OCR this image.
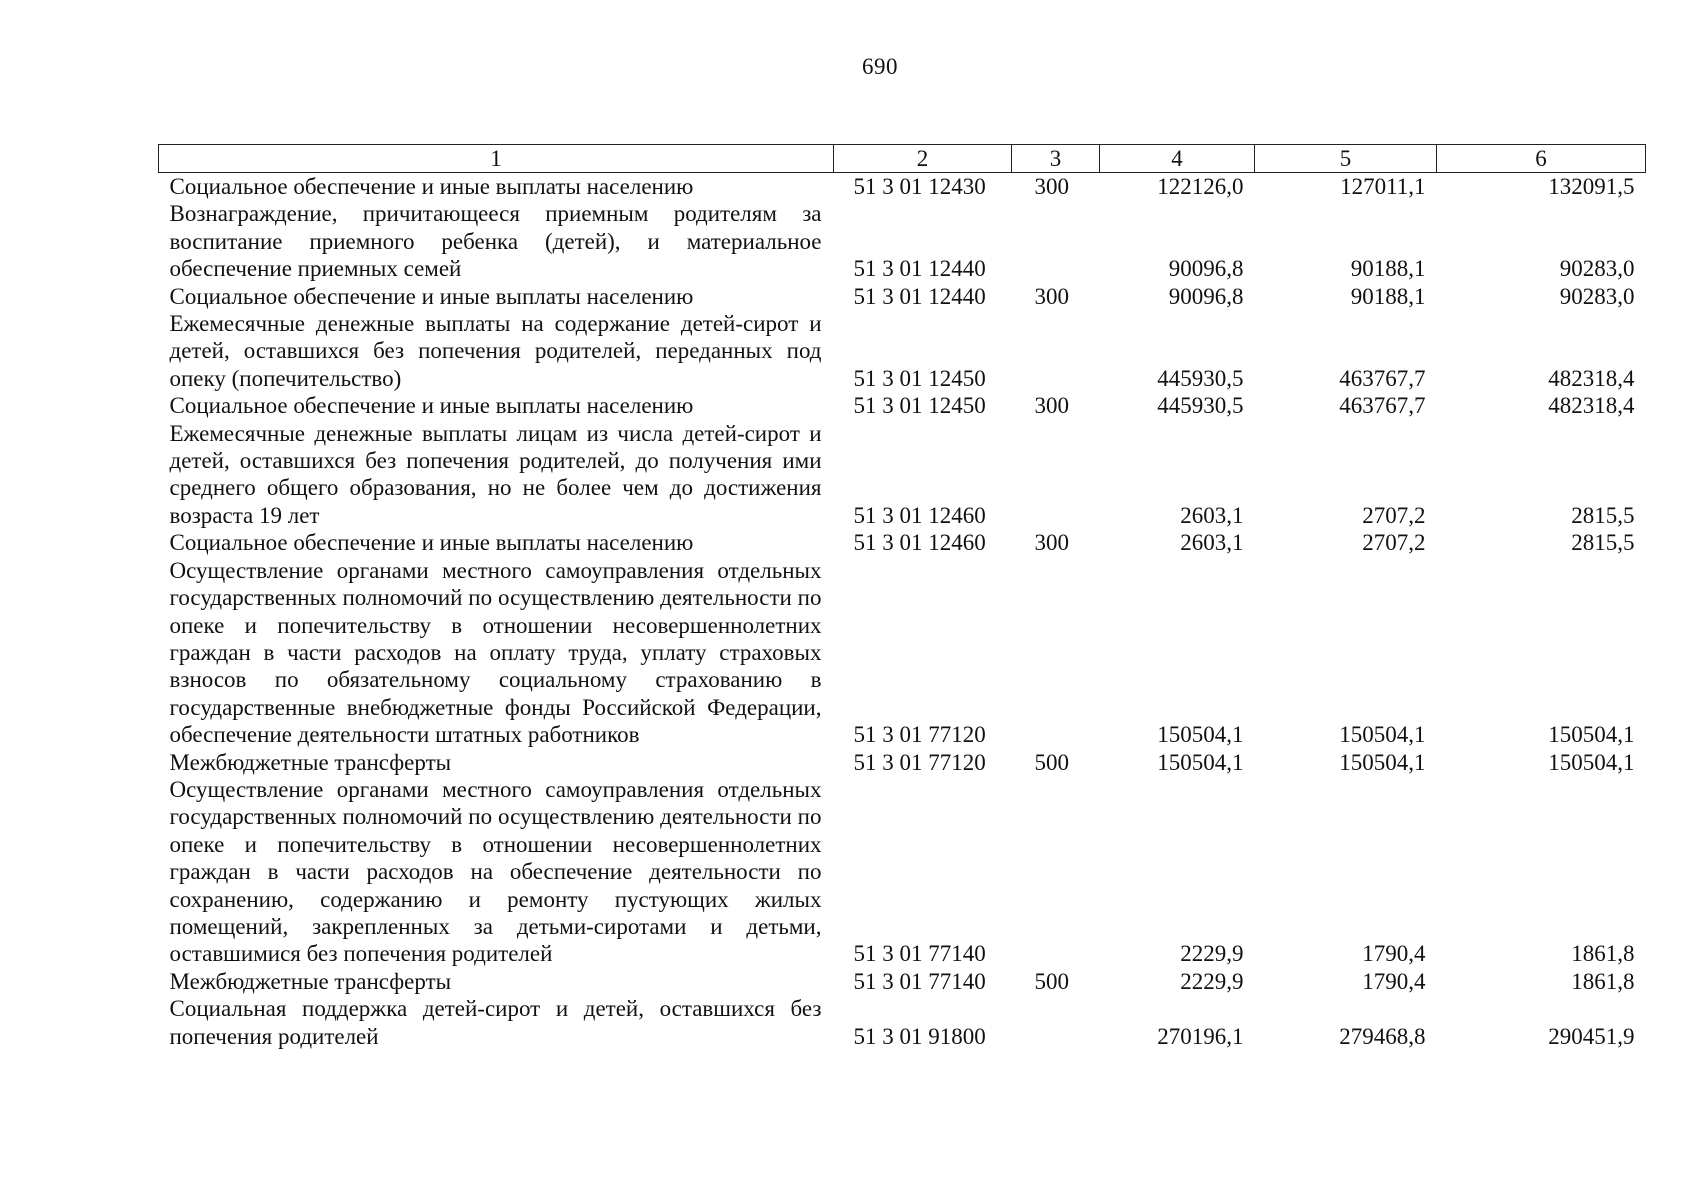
690
1	2	3	4	5	6
Социальное обеспечение и иные выплаты населению	51 3 01 12430	300	122126,0	127011,1	132091,5
Вознаграждение, причитающееся приемным родителям за воспитание приемного ребенка (детей), и материальное обеспечение приемных семей	51 3 01 12440		90096,8	90188,1	90283,0
Социальное обеспечение и иные выплаты населению	51 3 01 12440	300	90096,8	90188,1	90283,0
Ежемесячные денежные выплаты на содержание детей-сирот и детей, оставшихся без попечения родителей, переданных под опеку (попечительство)	51 3 01 12450		445930,5	463767,7	482318,4
Социальное обеспечение и иные выплаты населению	51 3 01 12450	300	445930,5	463767,7	482318,4
Ежемесячные денежные выплаты лицам из числа детей-сирот и детей, оставшихся без попечения родителей, до получения ими среднего общего образования, но не более чем до достижения возраста 19 лет	51 3 01 12460		2603,1	2707,2	2815,5
Социальное обеспечение и иные выплаты населению	51 3 01 12460	300	2603,1	2707,2	2815,5
Осуществление органами местного самоуправления отдельных государственных полномочий по осуществлению деятельности по опеке и попечительству в отношении несовершеннолетних граждан в части расходов на оплату труда, уплату страховых взносов по обязательному социальному страхованию в государственные внебюджетные фонды Российской Федерации, обеспечение деятельности штатных работников	51 3 01 77120		150504,1	150504,1	150504,1
Межбюджетные трансферты	51 3 01 77120	500	150504,1	150504,1	150504,1
Осуществление органами местного самоуправления отдельных государственных полномочий по осуществлению деятельности по опеке и попечительству в отношении несовершеннолетних граждан в части расходов на обеспечение деятельности по сохранению, содержанию и ремонту пустующих жилых помещений, закрепленных за детьми-сиротами и детьми, оставшимися без попечения родителей	51 3 01 77140		2229,9	1790,4	1861,8
Межбюджетные трансферты	51 3 01 77140	500	2229,9	1790,4	1861,8
Социальная поддержка детей-сирот и детей, оставшихся без попечения родителей	51 3 01 91800		270196,1	279468,8	290451,9
